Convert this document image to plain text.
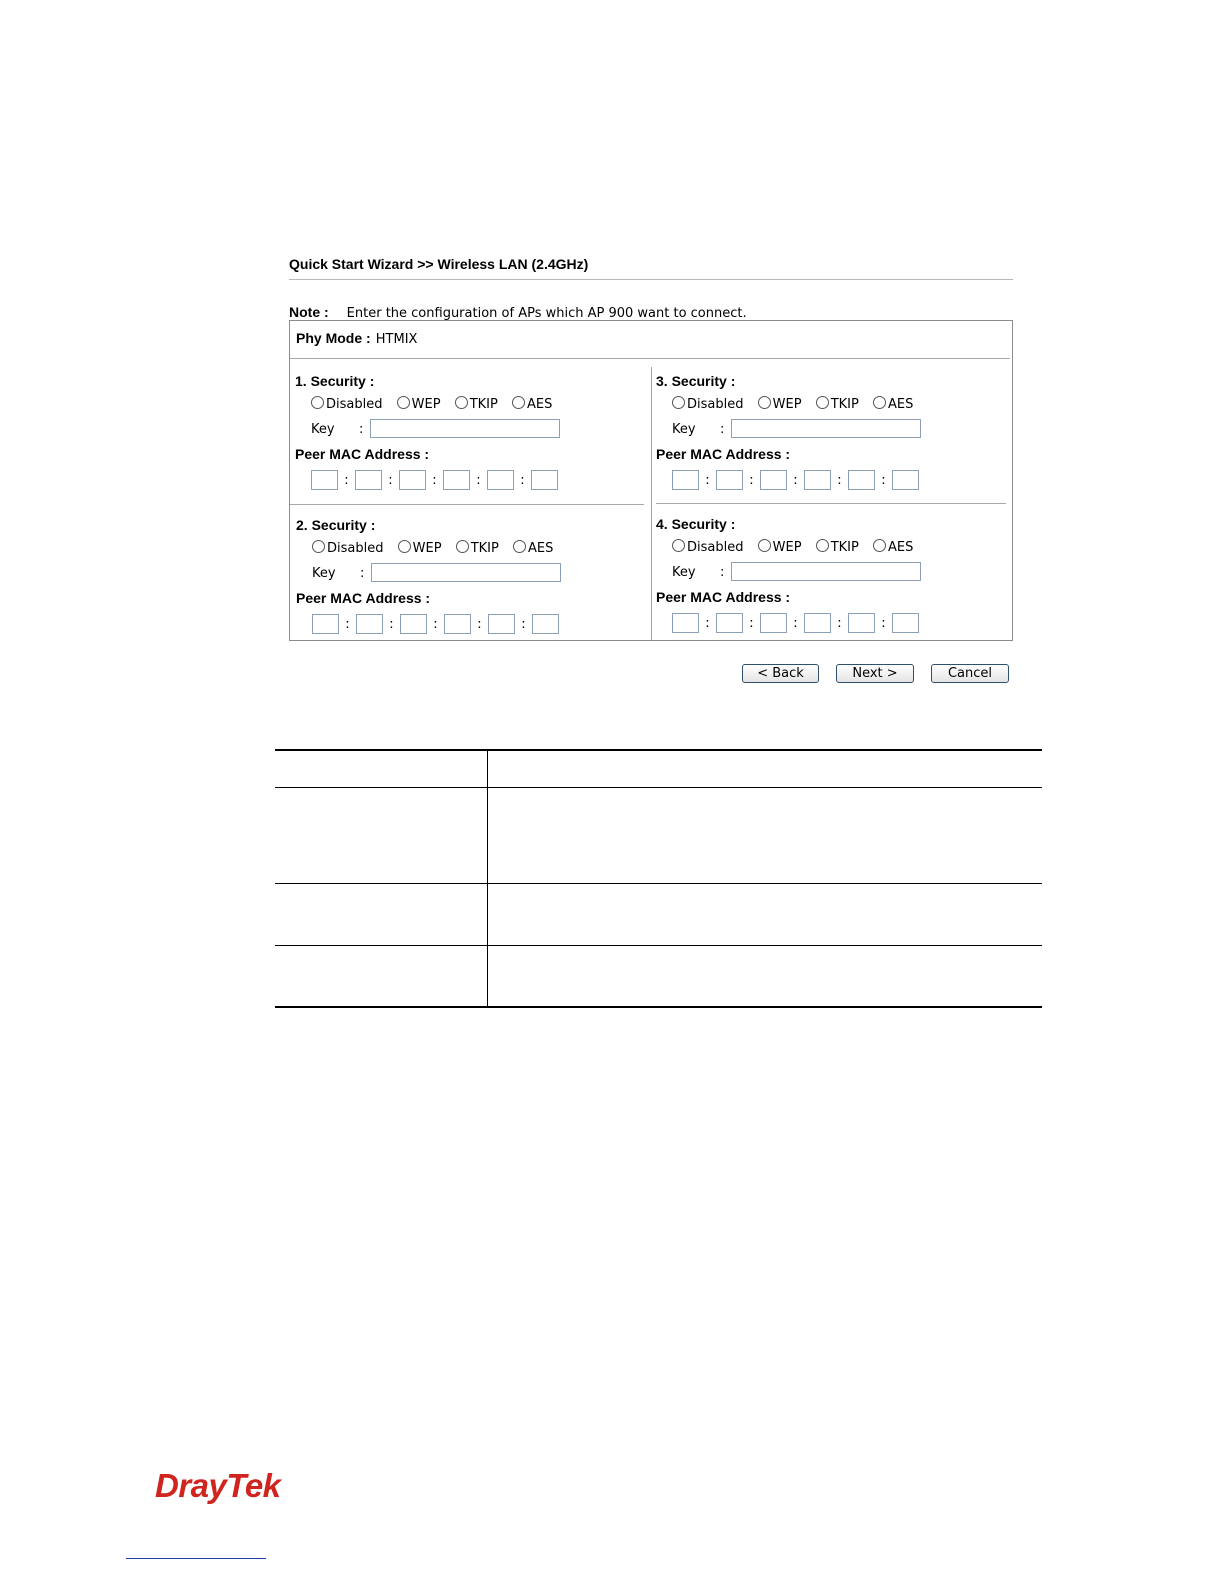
Quick Start Wizard >> Wireless LAN (2.4GHz)
Note : Enter the configuration of APs which AP 900 want to connect.
Phy Mode : HTMIX
1. Security :
Disabled WEP TKIP AES
Key :
Peer MAC Address :
:	:	:	:	:
2. Security :
Disabled WEP TKIP AES
Key :
Peer MAC Address :
:	:	:	:	:
3. Security :
Disabled WEP TKIP AES
Key :
Peer MAC Address :
:	:	:	:	:
4. Security :
Disabled WEP TKIP AES
Key :
Peer MAC Address :
:	:	:	:	:
< Back	Next >	Cancel
DrayTek
